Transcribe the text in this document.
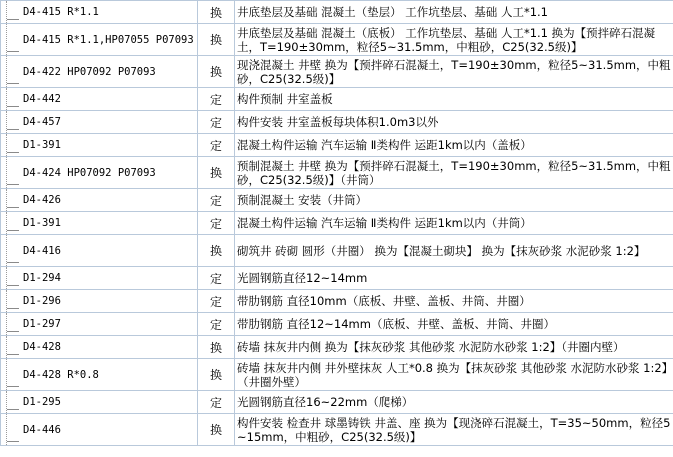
D4-415 R*1.1	换	井底垫层及基础 混凝土（垫层） 工作坑垫层、基础 人工*1.1

D4-415 R*1.1,HP07055 P07093	换	井底垫层及基础 混凝土（底板） 工作坑垫层、基础 人工*1.1 换为【预拌碎石混凝土，T=190±30mm，粒径5~31.5mm，中粗砂，C25(32.5级)】

D4-422 HP07092 P07093	换	现浇混凝土 井壁 换为【预拌碎石混凝土，T=190±30mm，粒径5~31.5mm，中粗砂，C25(32.5级)】

D4-442	定	构件预制 井室盖板

D4-457	定	构件安装 井室盖板每块体积1.0m3以外

D1-391	定	混凝土构件运输 汽车运输 Ⅱ类构件 运距1km以内（盖板）

D4-424 HP07092 P07093	换	预制混凝土 井壁 换为【预拌碎石混凝土，T=190±30mm，粒径5~31.5mm，中粗砂，C25(32.5级)】（井筒）

D4-426	定	预制混凝土 安装（井筒）

D1-391	定	混凝土构件运输 汽车运输 Ⅱ类构件 运距1km以内（井筒）

D4-416	换	砌筑井 砖砌 圆形（井圈） 换为【混凝土砌块】 换为【抹灰砂浆 水泥砂浆 1:2】

D1-294	定	光圆钢筋直径12~14mm

D1-296	定	带肋钢筋 直径10mm（底板、井壁、盖板、井筒、井圈）

D1-297	定	带肋钢筋 直径12~14mm（底板、井壁、盖板、井筒、井圈）

D4-428	换	砖墙 抹灰井内侧 换为【抹灰砂浆 其他砂浆 水泥防水砂浆 1:2】（井圈内壁）

D4-428 R*0.8	换	砖墙 抹灰井内侧 井外壁抹灰 人工*0.8 换为【抹灰砂浆 其他砂浆 水泥防水砂浆 1:2】（井圈外壁）

D1-295	定	光圆钢筋直径16~22mm（爬梯）

D4-446	换	构件安装 检查井 球墨铸铁 井盖、座 换为【现浇碎石混凝土，T=35~50mm，粒径5~15mm，中粗砂，C25(32.5级)】
